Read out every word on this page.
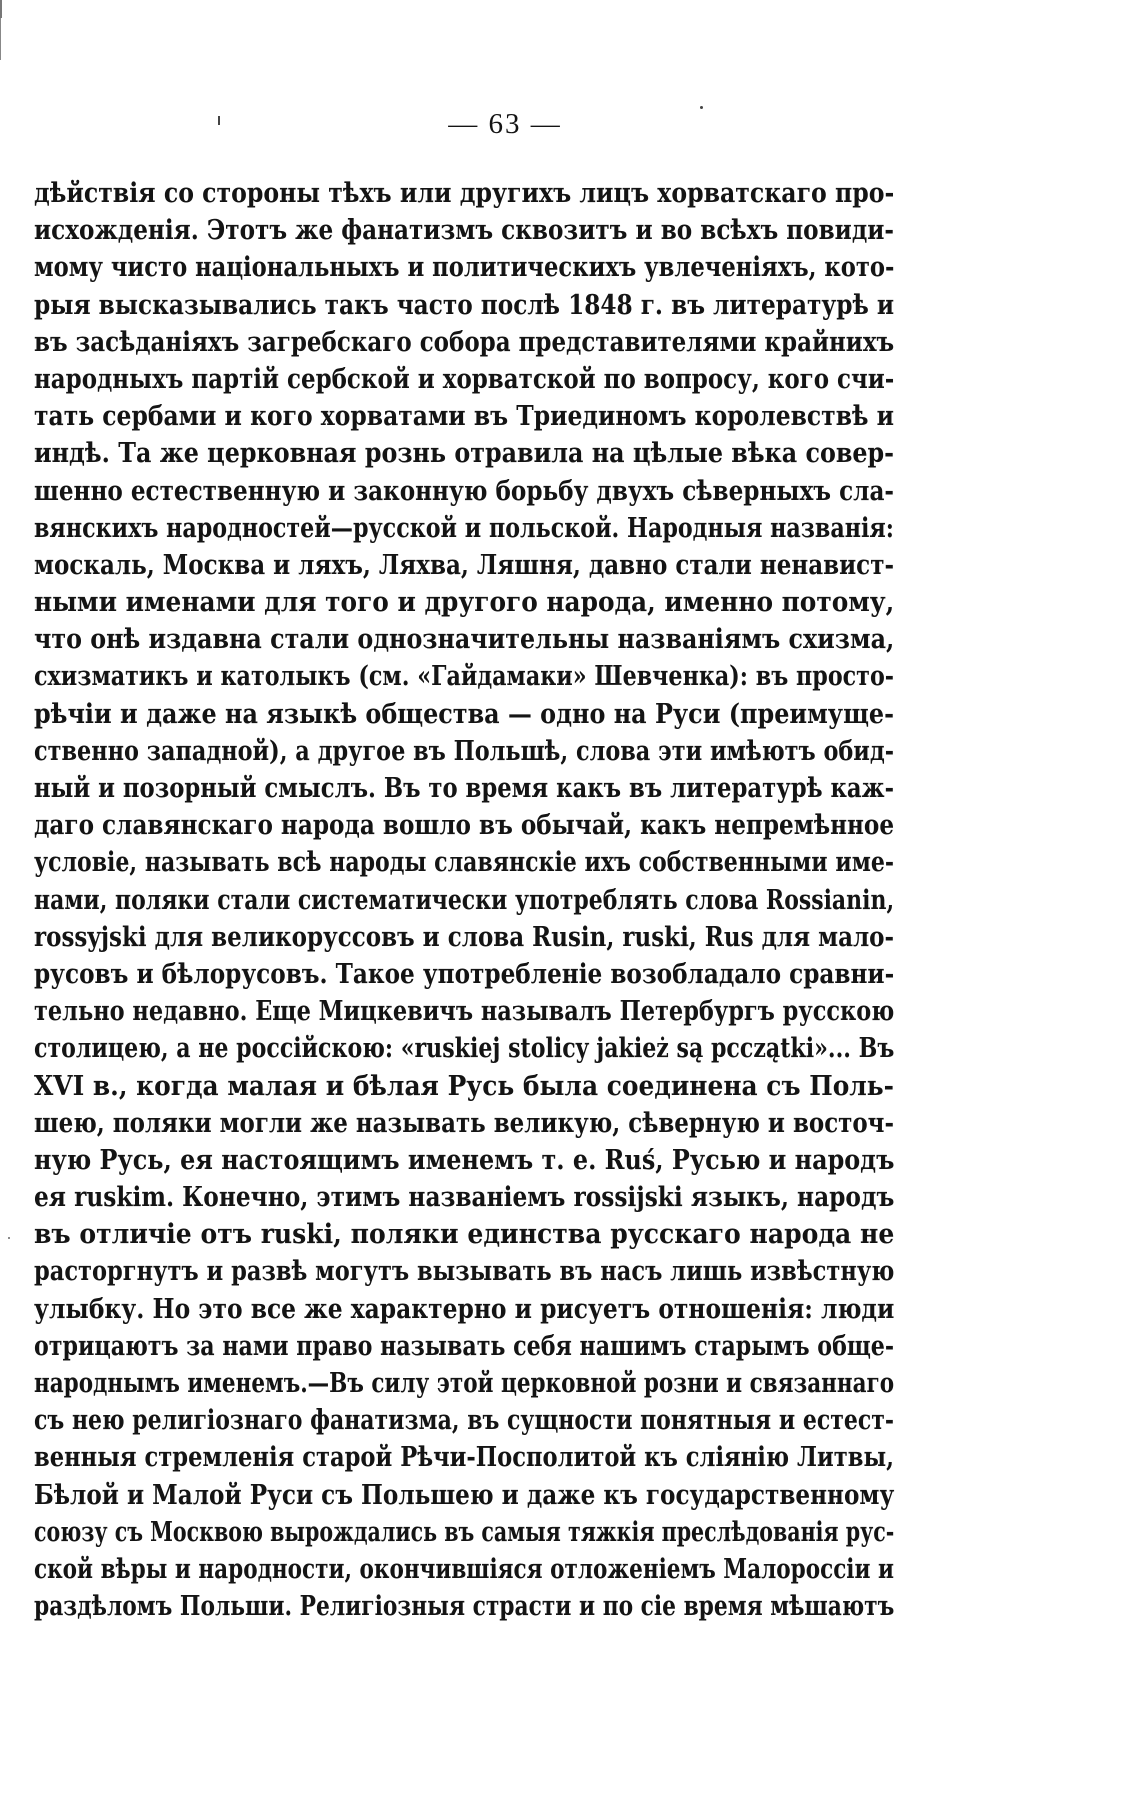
— 63 —
дѣйствія со стороны тѣхъ или другихъ лицъ хорватскаго про-
исхожденія. Этотъ же фанатизмъ сквозитъ и во всѣхъ повиди-
мому чисто національныхъ и политическихъ увлеченіяхъ, кото-
рыя высказывались такъ часто послѣ 1848 г. въ литературѣ и
въ засѣданіяхъ загребскаго собора представителями крайнихъ
народныхъ партій сербской и хорватской по вопросу, кого счи-
тать сербами и кого хорватами въ Триединомъ королевствѣ и
индѣ. Та же церковная рознь отравила на цѣлые вѣка совер-
шенно естественную и законную борьбу двухъ сѣверныхъ сла-
вянскихъ народностей—русской и польской. Народныя названія:
москаль, Москва и ляхъ, Ляхва, Ляшня, давно стали ненавист-
ными именами для того и другого народа, именно потому,
что онѣ издавна стали однозначительны названіямъ схизма,
схизматикъ и католыкъ (см. «Гайдамаки» Шевченка): въ просто-
рѣчіи и даже на языкѣ общества — одно на Руси (преимуще-
ственно западной), а другое въ Польшѣ, слова эти имѣютъ обид-
ный и позорный смыслъ. Въ то время какъ въ литературѣ каж-
даго славянскаго народа вошло въ обычай, какъ непремѣнное
условіе, называть всѣ народы славянскіе ихъ собственными име-
нами, поляки стали систематически употреблять слова Rossianin,
rossyjski для великоруссовъ и слова Rusin, ruski, Rus для мало-
русовъ и бѣлорусовъ. Такое употребленіе возобладало сравни-
тельно недавно. Еще Мицкевичъ называлъ Петербургъ русскою
столицею, а не россійскою: «ruskiej stolicy jakież są pcczątki»... Въ
XVI в., когда малая и бѣлая Русь была соединена съ Поль-
шею, поляки могли же называть великую, сѣверную и восточ-
ную Русь, ея настоящимъ именемъ т. е. Ruś, Русью и народъ
ея ruskim. Конечно, этимъ названіемъ rossijski языкъ, народъ
въ отличіе отъ ruski, поляки единства русскаго народа не
расторгнутъ и развѣ могутъ вызывать въ насъ лишь извѣстную
улыбку. Но это все же характерно и рисуетъ отношенія: люди
отрицаютъ за нами право называть себя нашимъ старымъ обще-
народнымъ именемъ.—Въ силу этой церковной розни и связаннаго
съ нею религіознаго фанатизма, въ сущности понятныя и естест-
венныя стремленія старой Рѣчи-Посполитой къ сліянію Литвы,
Бѣлой и Малой Руси съ Польшею и даже къ государственному
союзу съ Москвою вырождались въ самыя тяжкія преслѣдованія рус-
ской вѣры и народности, окончившіяся отложеніемъ Малороссіи и
раздѣломъ Польши. Религіозныя страсти и по сіе время мѣшаютъ
